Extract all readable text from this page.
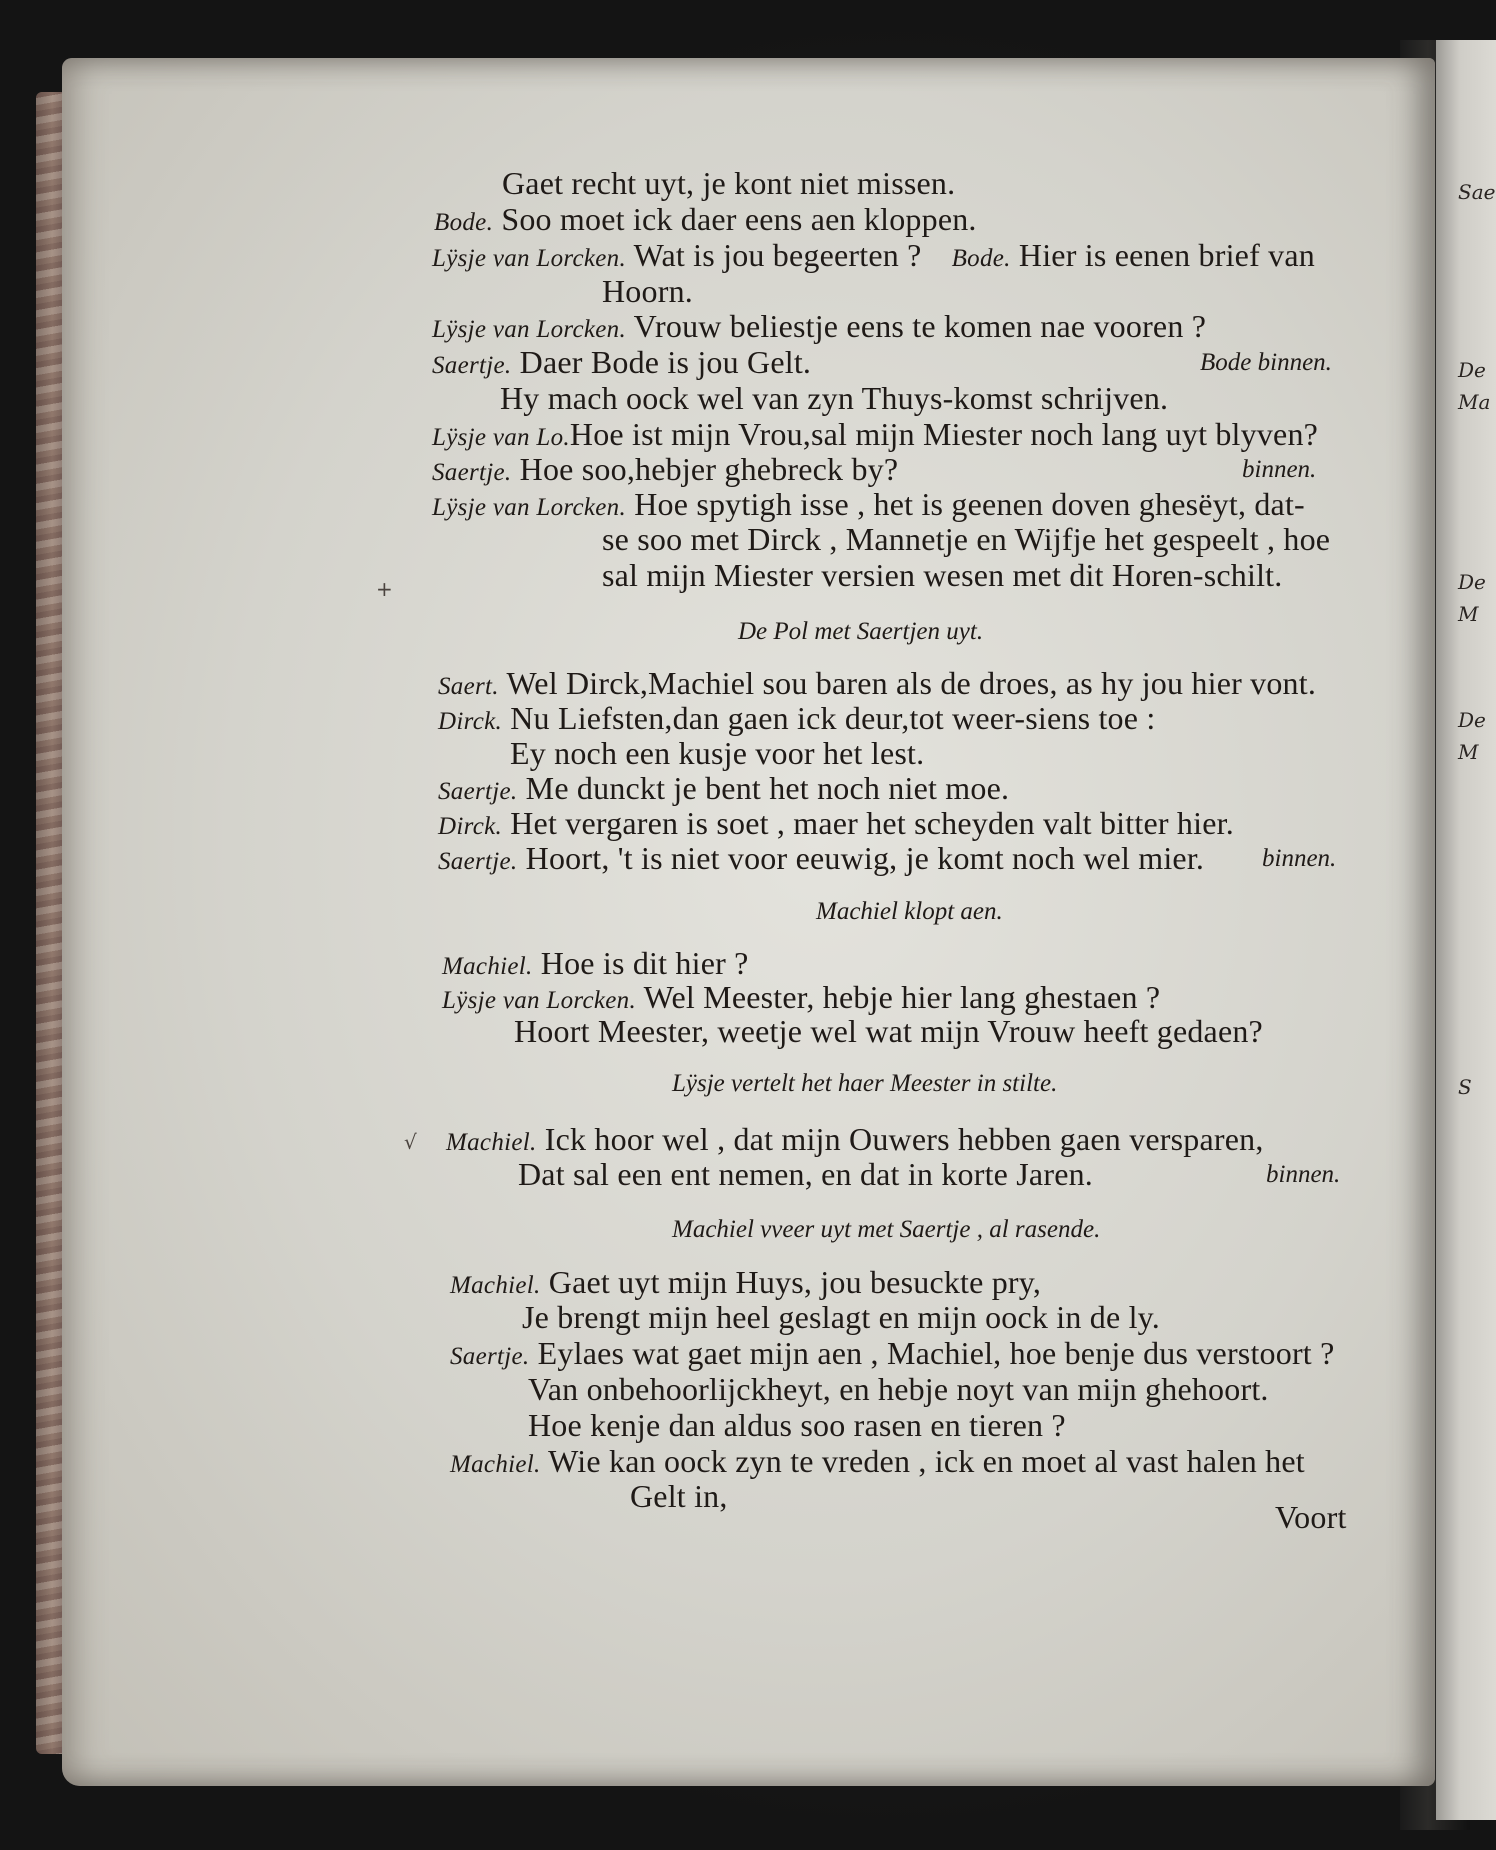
Sae
De
Ma
De
M
De
M
S
+
√
Gaet recht uyt, je kont niet missen.
Bode. Soo moet ick daer eens aen kloppen.
Lÿsje van Lorcken. Wat is jou begeerten ? Bode. Hier is eenen brief van
Hoorn.
Lÿsje van Lorcken. Vrouw beliestje eens te komen nae vooren ?
Saertje. Daer Bode is jou Gelt.	Bode binnen.
Hy mach oock wel van zyn Thuys-komst schrijven.
Lÿsje van Lo.Hoe ist mijn Vrou,sal mijn Miester noch lang uyt blyven?
Saertje. Hoe soo,hebjer ghebreck by?	binnen.
Lÿsje van Lorcken. Hoe spytigh isse , het is geenen doven ghesëyt, dat-
se soo met Dirck , Mannetje en Wijfje het gespeelt , hoe
sal mijn Miester versien wesen met dit Horen-schilt.
De Pol met Saertjen uyt.
Saert. Wel Dirck,Machiel sou baren als de droes, as hy jou hier vont.
Dirck. Nu Liefsten,dan gaen ick deur,tot weer-siens toe :
Ey noch een kusje voor het lest.
Saertje. Me dunckt je bent het noch niet moe.
Dirck. Het vergaren is soet , maer het scheyden valt bitter hier.
Saertje. Hoort, 't is niet voor eeuwig, je komt noch wel mier. binnen.
Machiel klopt aen.
Machiel. Hoe is dit hier ?
Lÿsje van Lorcken. Wel Meester, hebje hier lang ghestaen ?
Hoort Meester, weetje wel wat mijn Vrouw heeft gedaen?
Lÿsje vertelt het haer Meester in stilte.
Machiel. Ick hoor wel , dat mijn Ouwers hebben gaen versparen,
Dat sal een ent nemen, en dat in korte Jaren.	binnen.
Machiel vveer uyt met Saertje , al rasende.
Machiel. Gaet uyt mijn Huys, jou besuckte pry,
Je brengt mijn heel geslagt en mijn oock in de ly.
Saertje. Eylaes wat gaet mijn aen , Machiel, hoe benje dus verstoort ?
Van onbehoorlijckheyt, en hebje noyt van mijn ghehoort.
Hoe kenje dan aldus soo rasen en tieren ?
Machiel. Wie kan oock zyn te vreden , ick en moet al vast halen het
Gelt in,
Voort
